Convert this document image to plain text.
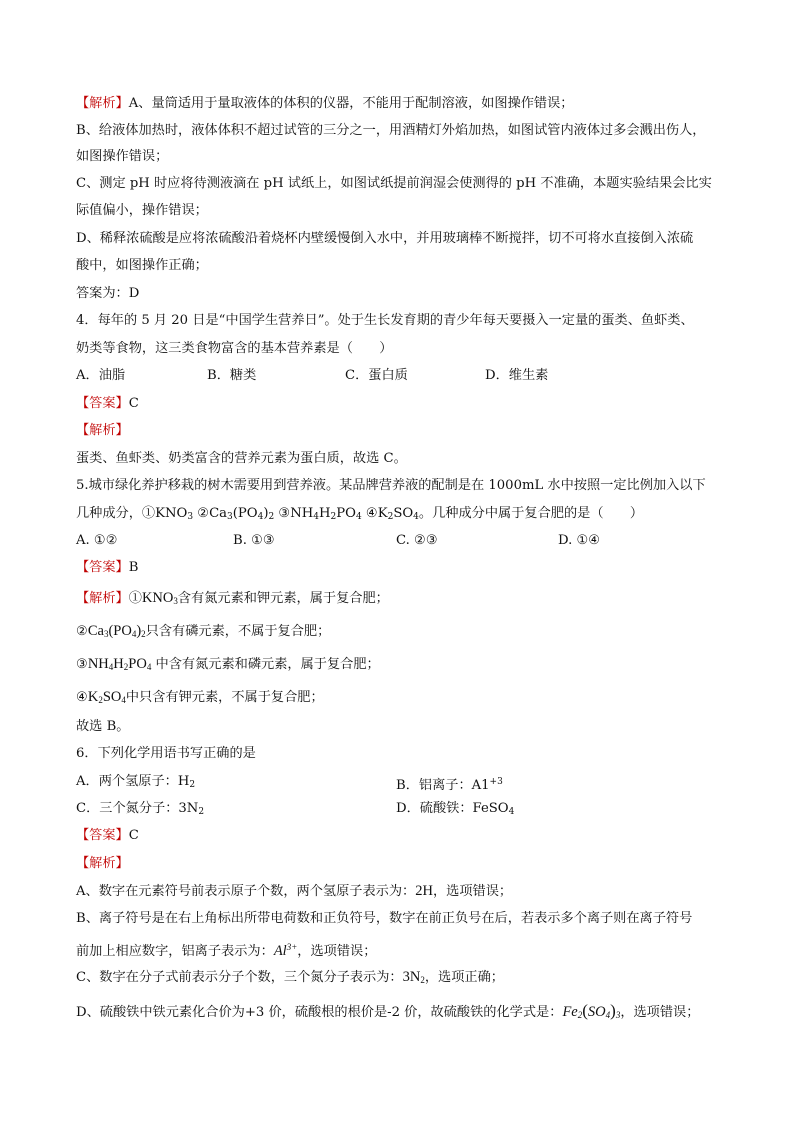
【解析】A、量筒适用于量取液体的体积的仪器，不能用于配制溶液，如图操作错误；
B、给液体加热时，液体体积不超过试管的三分之一，用酒精灯外焰加热，如图试管内液体过多会溅出伤人，
如图操作错误；
C、测定 pH 时应将待测液滴在 pH 试纸上，如图试纸提前润湿会使测得的 pH 不准确，本题实验结果会比实
际值偏小，操作错误；
D、稀释浓硫酸是应将浓硫酸沿着烧杯内壁缓慢倒入水中，并用玻璃棒不断搅拌，切不可将水直接倒入浓硫
酸中，如图操作正确；
答案为：D
4．每年的 5 月 20 日是“中国学生营养日”。处于生长发育期的青少年每天要摄入一定量的蛋类、鱼虾类、
奶类等食物，这三类食物富含的基本营养素是（　　）
A．油脂	B．糖类	C．蛋白质	D．维生素
【答案】C
【解析】
蛋类、鱼虾类、奶类富含的营养元素为蛋白质，故选 C。
5.城市绿化养护移栽的树木需要用到营养液。某品牌营养液的配制是在 1000mL 水中按照一定比例加入以下
几种成分，$①KNO_3$ $②Ca_3(PO_4)_2$ $③NH_4H_2PO_4$ $④K_2SO_4$。几种成分中属于复合肥的是（　　）
A. ①②	B. ①③	C. ②③	D. ①④
【答案】B
【解析】$①KNO_3$含有氮元素和钾元素，属于复合肥；
$②Ca_3(PO_4)_2$只含有磷元素，不属于复合肥；
$③NH_4H_2PO_4$ 中含有氮元素和磷元素，属于复合肥；
$④K_2SO_4$中只含有钾元素，不属于复合肥；
故选 B。
6．下列化学用语书写正确的是
A．两个氢原子：$H_2$	B．铝离子：$A1^{+3}$
C．三个氮分子：$3N_2$	D．硫酸铁：FeSO$_4$
【答案】C
【解析】
A、数字在元素符号前表示原子个数，两个氢原子表示为：2H，选项错误；
B、离子符号是在右上角标出所带电荷数和正负符号，数字在前正负号在后，若表示多个离子则在离子符号
前加上相应数字，铝离子表示为：$Al^{3+}$，选项错误；
C、数字在分子式前表示分子个数，三个氮分子表示为：$3N_2$，选项正确；
D、硫酸铁中铁元素化合价为+3 价，硫酸根的根价是-2 价，故硫酸铁的化学式是：$Fe_2(SO_4)_3$，选项错误；
